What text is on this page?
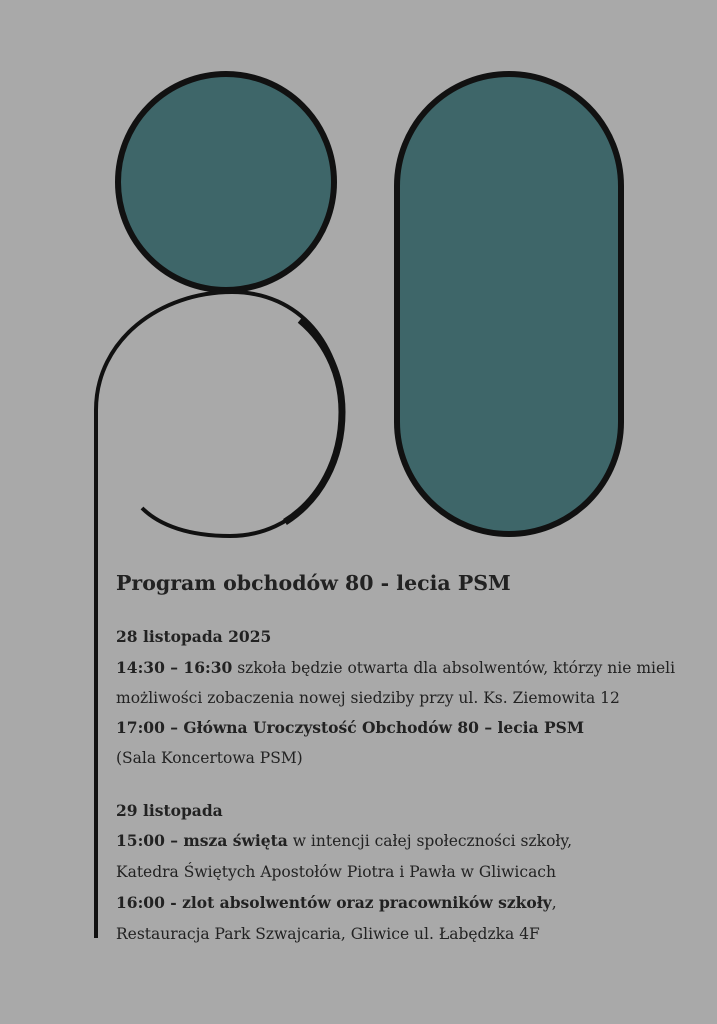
Program obchodów 80 - lecia PSM
28 listopada 2025
14:30 – 16:30 szkoła będzie otwarta dla absolwentów, którzy nie mieli
możliwości zobaczenia nowej siedziby przy ul. Ks. Ziemowita 12
17:00 – Główna Uroczystość Obchodów 80 – lecia PSM
(Sala Koncertowa PSM)
29 listopada
15:00 – msza święta w intencji całej społeczności szkoły,
Katedra Świętych Apostołów Piotra i Pawła w Gliwicach
16:00 - zlot absolwentów oraz pracowników szkoły,
Restauracja Park Szwajcaria, Gliwice ul. Łabędzka 4F
